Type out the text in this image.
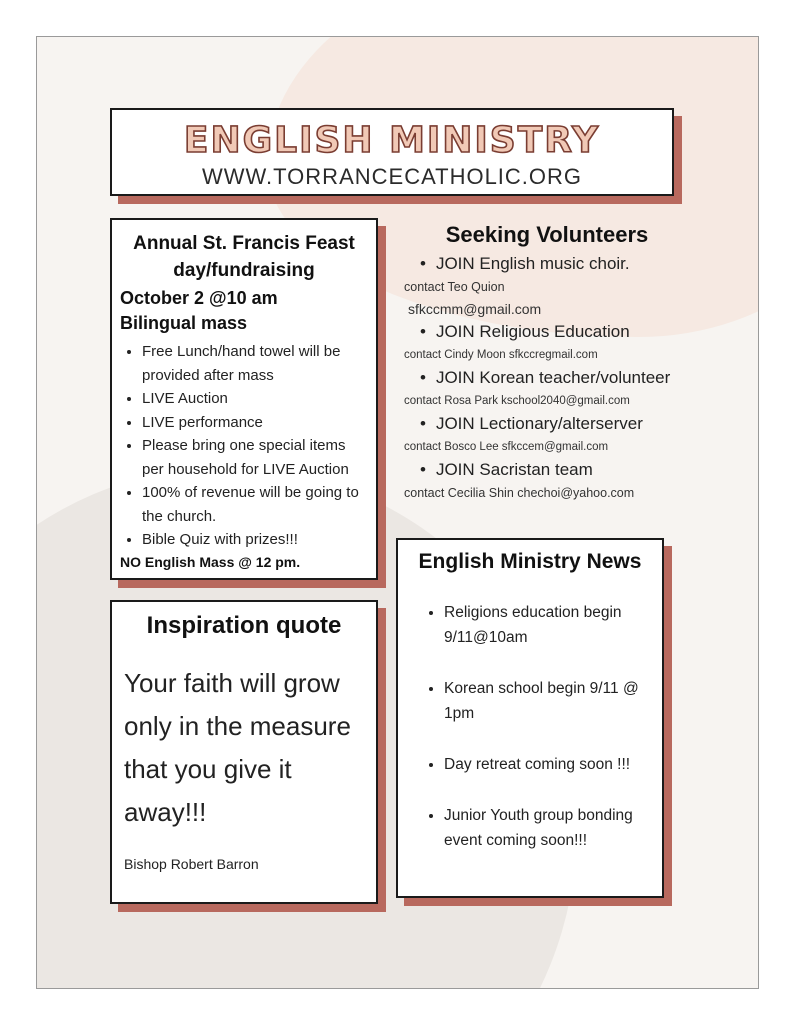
ENGLISH MINISTRY
WWW.TORRANCECATHOLIC.ORG
Annual St. Francis Feast day/fundraising
October 2 @10 am
Bilingual mass
• Free Lunch/hand towel will be provided after mass
• LIVE Auction
• LIVE performance
• Please bring one special items per household for LIVE Auction
• 100% of revenue will be going to the church.
• Bible Quiz with prizes!!!
NO English Mass @ 12 pm.
Seeking Volunteers
• JOIN English music choir.
contact Teo Quion
sfkccmm@gmail.com
• JOIN Religious Education
contact Cindy Moon sfkccregmail.com
• JOIN Korean teacher/volunteer
contact Rosa Park kschool2040@gmail.com
• JOIN Lectionary/alterserver
contact Bosco Lee sfkccem@gmail.com
• JOIN Sacristan team
contact Cecilia Shin chechoi@yahoo.com
Inspiration quote
Your faith will grow only in the measure that you give it away!!!
Bishop Robert Barron
English Ministry News
• Religions education begin 9/11@10am
• Korean school begin 9/11 @ 1pm
• Day retreat coming soon !!!
• Junior Youth group bonding event coming soon!!!
